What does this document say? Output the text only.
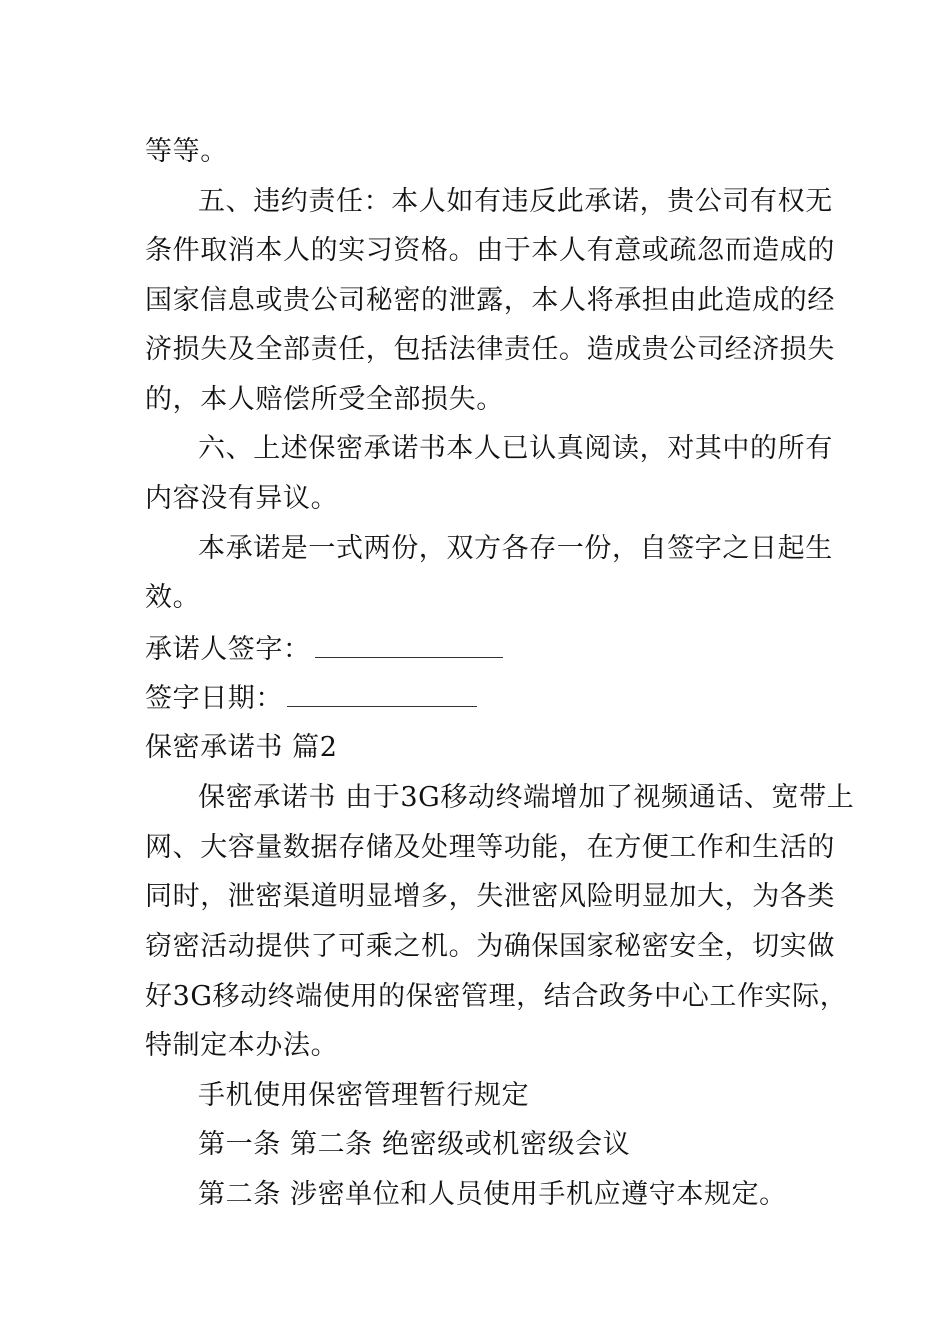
等等。
五、违约责任：本人如有违反此承诺，贵公司有权无
条件取消本人的实习资格。由于本人有意或疏忽而造成的
国家信息或贵公司秘密的泄露，本人将承担由此造成的经
济损失及全部责任，包括法律责任。造成贵公司经济损失
的，本人赔偿所受全部损失。
六、上述保密承诺书本人已认真阅读，对其中的所有
内容没有异议。
本承诺是一式两份，双方各存一份，自签字之日起生
效。
承诺人签字：
签字日期：
保密承诺书 篇2
保密承诺书 由于3G移动终端增加了视频通话、宽带上
网、大容量数据存储及处理等功能，在方便工作和生活的
同时，泄密渠道明显增多，失泄密风险明显加大，为各类
窃密活动提供了可乘之机。为确保国家秘密安全，切实做
好3G移动终端使用的保密管理，结合政务中心工作实际，
特制定本办法。
手机使用保密管理暂行规定
第一条 第二条 绝密级或机密级会议
第二条 涉密单位和人员使用手机应遵守本规定。
